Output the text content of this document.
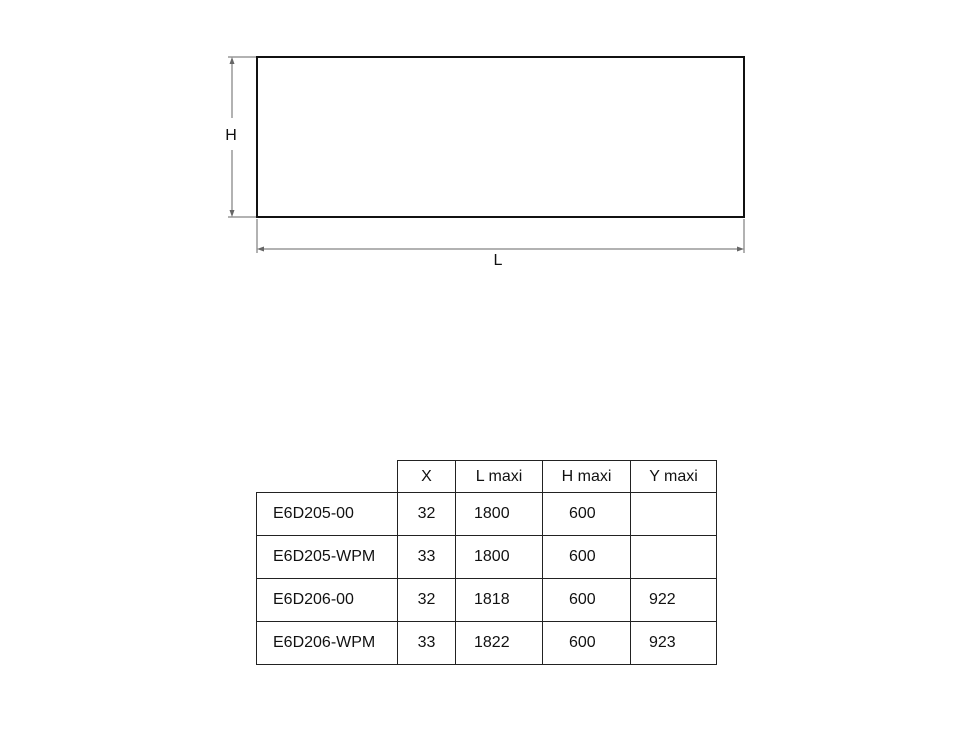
H
L
	X	L maxi	H maxi	Y maxi
E6D205-00	32	1800	600	
E6D205-WPM	33	1800	600	
E6D206-00	32	1818	600	922
E6D206-WPM	33	1822	600	923
